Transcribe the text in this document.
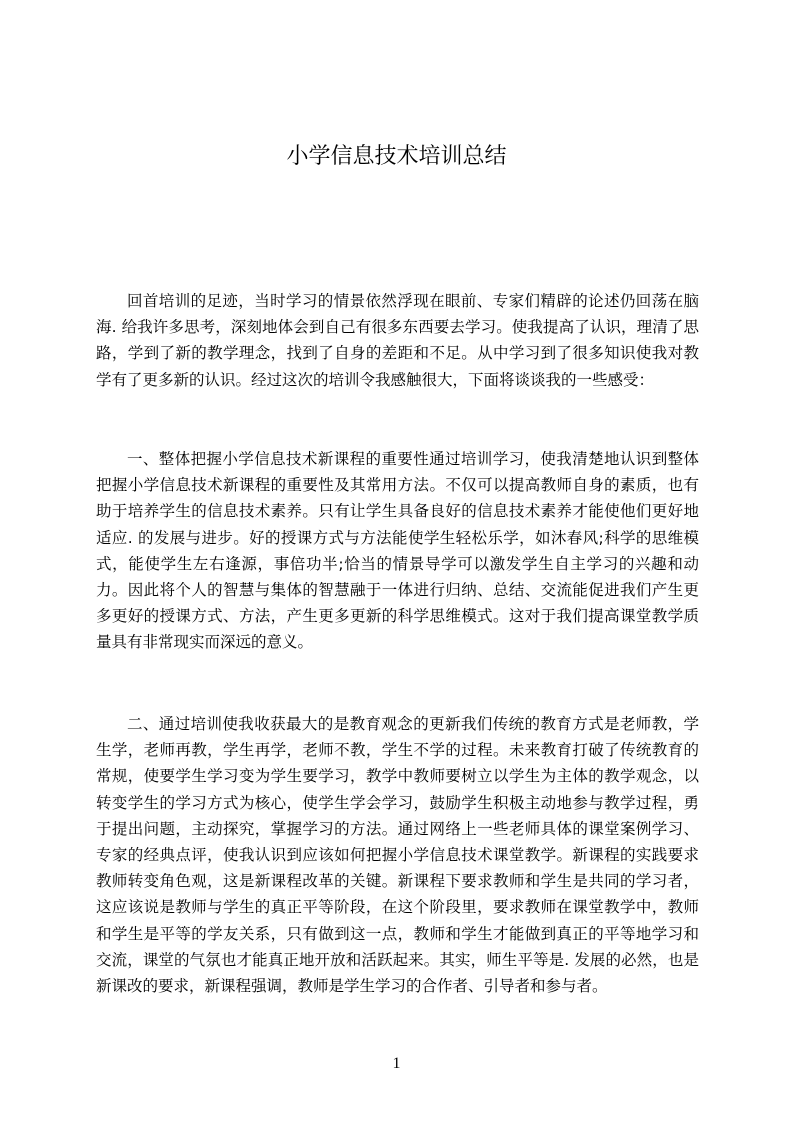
小学信息技术培训总结

回首培训的足迹，当时学习的情景依然浮现在眼前、专家们精辟的论述仍回荡在脑海. 给我许多思考，深刻地体会到自己有很多东西要去学习。使我提高了认识，理清了思路，学到了新的教学理念，找到了自身的差距和不足。从中学习到了很多知识使我对教学有了更多新的认识。经过这次的培训令我感触很大，下面将谈谈我的一些感受：

一、整体把握小学信息技术新课程的重要性通过培训学习，使我清楚地认识到整体把握小学信息技术新课程的重要性及其常用方法。不仅可以提高教师自身的素质，也有助于培养学生的信息技术素养。只有让学生具备良好的信息技术素养才能使他们更好地适应. 的发展与进步。好的授课方式与方法能使学生轻松乐学，如沐春风;科学的思维模式，能使学生左右逢源，事倍功半;恰当的情景导学可以激发学生自主学习的兴趣和动力。因此将个人的智慧与集体的智慧融于一体进行归纳、总结、交流能促进我们产生更多更好的授课方式、方法，产生更多更新的科学思维模式。这对于我们提高课堂教学质量具有非常现实而深远的意义。

二、通过培训使我收获最大的是教育观念的更新我们传统的教育方式是老师教，学生学，老师再教，学生再学，老师不教，学生不学的过程。未来教育打破了传统教育的常规，使要学生学习变为学生要学习，教学中教师要树立以学生为主体的教学观念，以转变学生的学习方式为核心，使学生学会学习，鼓励学生积极主动地参与教学过程，勇于提出问题，主动探究，掌握学习的方法。通过网络上一些老师具体的课堂案例学习、专家的经典点评，使我认识到应该如何把握小学信息技术课堂教学。新课程的实践要求教师转变角色观，这是新课程改革的关键。新课程下要求教师和学生是共同的学习者，这应该说是教师与学生的真正平等阶段，在这个阶段里，要求教师在课堂教学中，教师和学生是平等的学友关系，只有做到这一点，教师和学生才能做到真正的平等地学习和交流，课堂的气氛也才能真正地开放和活跃起来。其实，师生平等是. 发展的必然，也是新课改的要求，新课程强调，教师是学生学习的合作者、引导者和参与者。

1
